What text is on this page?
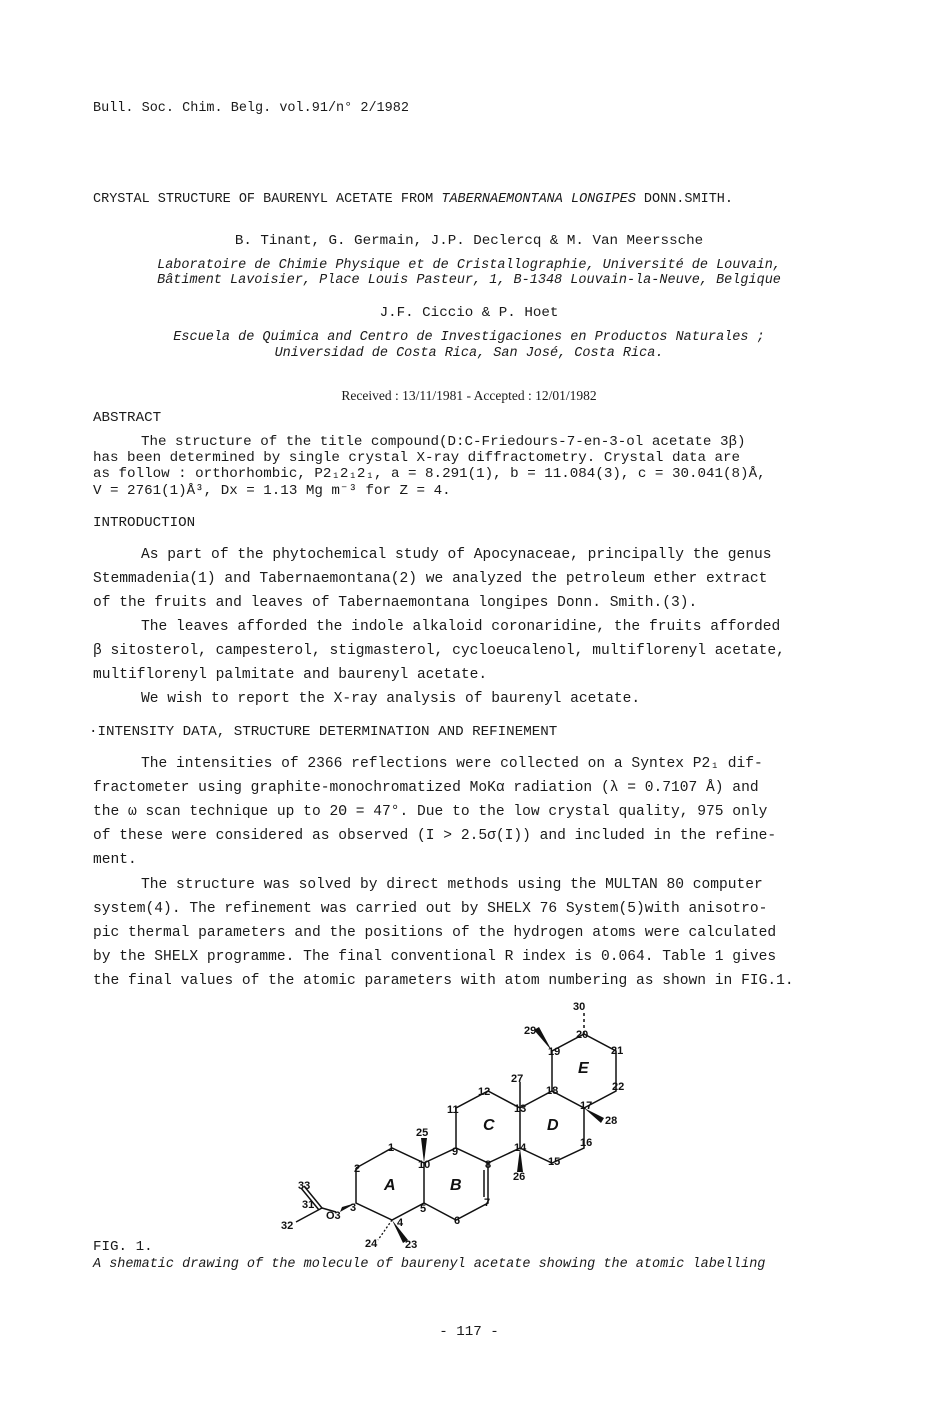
Bull. Soc. Chim. Belg. vol.91/n° 2/1982
CRYSTAL STRUCTURE OF BAURENYL ACETATE FROM TABERNAEMONTANA LONGIPES DONN.SMITH.
B. Tinant, G. Germain, J.P. Declercq & M. Van Meerssche
Laboratoire de Chimie Physique et de Cristallographie, Université de Louvain,
Bâtiment Lavoisier, Place Louis Pasteur, 1, B-1348 Louvain-la-Neuve, Belgique
J.F. Ciccio & P. Hoet
Escuela de Quimica and Centro de Investigaciones en Productos Naturales ;
Universidad de Costa Rica, San José, Costa Rica.
Received : 13/11/1981 - Accepted : 12/01/1982
ABSTRACT
The structure of the title compound(D:C-Friedours-7-en-3-ol acetate 3β)
has been determined by single crystal X-ray diffractometry. Crystal data are
as follow : orthorhombic, P2₁2₁2₁, a = 8.291(1), b = 11.084(3), c = 30.041(8)Å,
V = 2761(1)Å³, Dx = 1.13 Mg m⁻³ for Z = 4.
INTRODUCTION
As part of the phytochemical study of Apocynaceae, principally the genus
Stemmadenia(1) and Tabernaemontana(2) we analyzed the petroleum ether extract
of the fruits and leaves of Tabernaemontana longipes Donn. Smith.(3).
The leaves afforded the indole alkaloid coronaridine, the fruits afforded
β sitosterol, campesterol, stigmasterol, cycloeucalenol, multiflorenyl acetate,
multiflorenyl palmitate and baurenyl acetate.
We wish to report the X-ray analysis of baurenyl acetate.
·INTENSITY DATA, STRUCTURE DETERMINATION AND REFINEMENT
The intensities of 2366 reflections were collected on a Syntex P2₁ dif-
fractometer using graphite-monochromatized MoKα radiation (λ = 0.7107 Å) and
the ω scan technique up to 2Θ = 47°. Due to the low crystal quality, 975 only
of these were considered as observed (I > 2.5σ(I)) and included in the refine-
ment.
The structure was solved by direct methods using the MULTAN 80 computer
system(4). The refinement was carried out by SHELX 76 System(5)with anisotro-
pic thermal parameters and the positions of the hydrogen atoms were calculated
by the SHELX programme. The final conventional R index is 0.064. Table 1 gives
the final values of the atomic parameters with atom numbering as shown in FIG.1.
1
2
3
4
5
6
7
8
9
10
11
12
13
14
15
16
17
18
19
20
21
22
23
24
25
26
27
28
29
30
31
32
33
O3
A	B
C	D
E
FIG. 1.
A shematic drawing of the molecule of baurenyl acetate showing the atomic labelling
- 117 -
